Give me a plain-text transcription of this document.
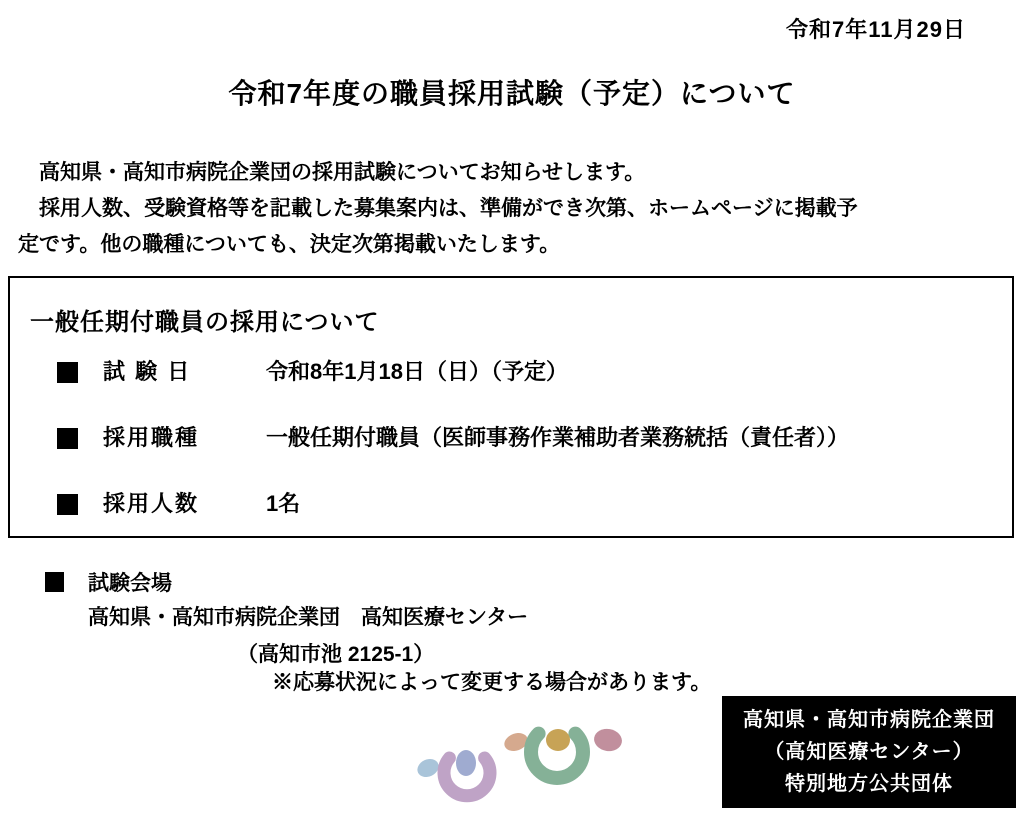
令和7年11月29日
令和7年度の職員採用試験（予定）について
　高知県・高知市病院企業団の採用試験についてお知らせします。
　採用人数、受験資格等を記載した募集案内は、準備ができ次第、ホームページに掲載予
定です。他の職種についても、決定次第掲載いたします。
一般任期付職員の採用について
試 験 日	令和8年1月18日（日）（予定）
採用職種	一般任期付職員（医師事務作業補助者業務統括（責任者））
採用人数	1名
試験会場
高知県・高知市病院企業団　高知医療センター
（高知市池 2125-1）
※応募状況によって変更する場合があります。
高知県・高知市病院企業団
（高知医療センター）
特別地方公共団体
